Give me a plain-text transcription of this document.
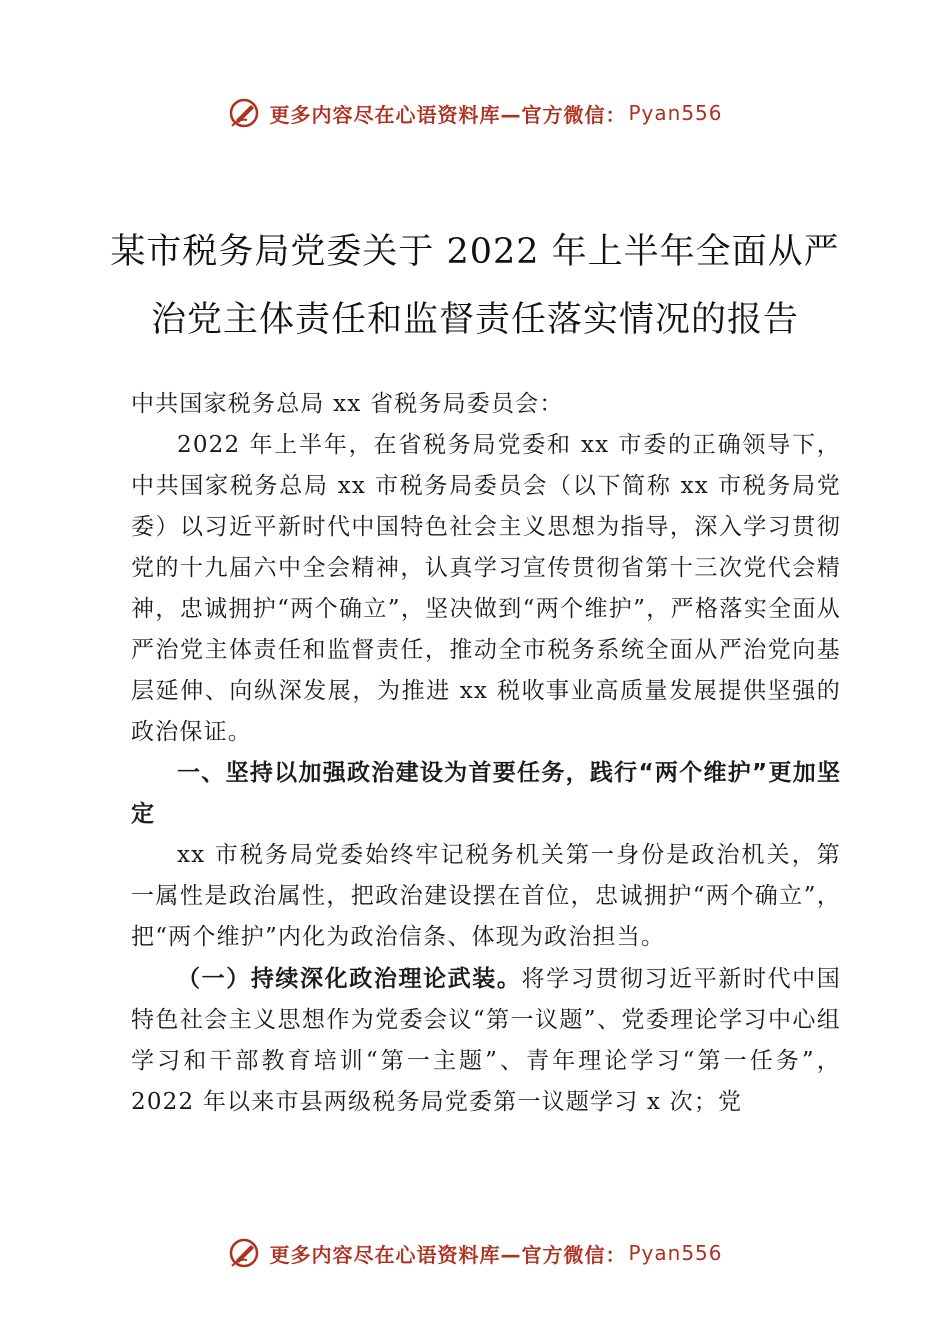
更多内容尽在心语资料库—官方微信： Pyan556
某市税务局党委关于 2022 年上半年全面从严
治党主体责任和监督责任落实情况的报告

中共国家税务总局 xx 省税务局委员会：

2022 年上半年，在省税务局党委和 xx 市委的正确领导下，中共国家税务总局 xx 市税务局委员会（以下简称 xx 市税务局党委）以习近平新时代中国特色社会主义思想为指导，深入学习贯彻党的十九届六中全会精神，认真学习宣传贯彻省第十三次党代会精神，忠诚拥护“两个确立”，坚决做到“两个维护”，严格落实全面从严治党主体责任和监督责任，推动全市税务系统全面从严治党向基层延伸、向纵深发展，为推进 xx 税收事业高质量发展提供坚强的政治保证。

一、坚持以加强政治建设为首要任务，践行“两个维护”更加坚定

xx 市税务局党委始终牢记税务机关第一身份是政治机关，第一属性是政治属性，把政治建设摆在首位，忠诚拥护“两个确立”，把“两个维护”内化为政治信条、体现为政治担当。

（一）持续深化政治理论武装。将学习贯彻习近平新时代中国特色社会主义思想作为党委会议“第一议题”、党委理论学习中心组学习和干部教育培训“第一主题”、青年理论学习“第一任务”，2022 年以来市县两级税务局党委第一议题学习 x 次；党

更多内容尽在心语资料库—官方微信： Pyan556
